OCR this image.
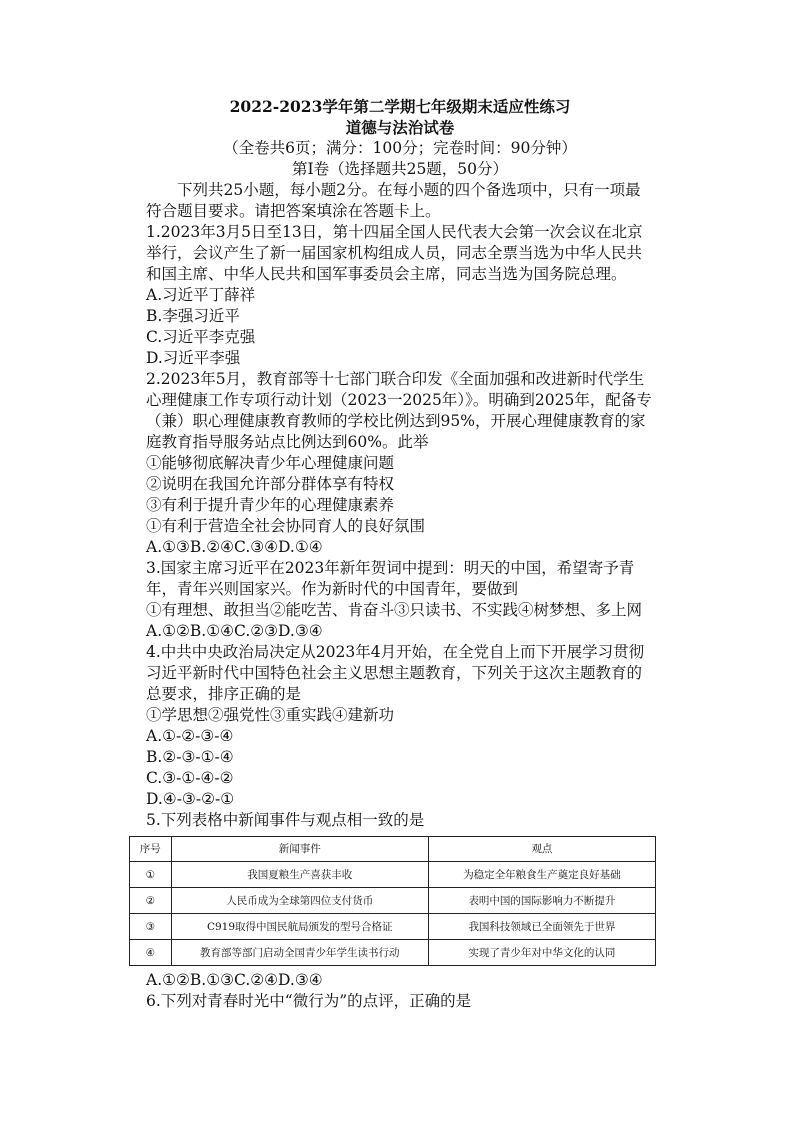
2022-2023学年第二学期七年级期末适应性练习

道德与法治试卷

（全卷共6页；满分：100分；完卷时间：90分钟）

第Ⅰ卷（选择题共25题，50分）

下列共25小题，每小题2分。在每小题的四个备选项中，只有一项最符合题目要求。请把答案填涂在答题卡上。

1.2023年3月5日至13日，第十四届全国人民代表大会第一次会议在北京举行，会议产生了新一届国家机构组成人员，同志全票当选为中华人民共和国主席、中华人民共和国军事委员会主席，同志当选为国务院总理。

A.习近平丁薛祥

B.李强习近平

C.习近平李克强

D.习近平李强

2.2023年5月，教育部等十七部门联合印发《全面加强和改进新时代学生心理健康工作专项行动计划（2023一2025年）》。明确到2025年，配备专（兼）职心理健康教育教师的学校比例达到95%，开展心理健康教育的家庭教育指导服务站点比例达到60%。此举

①能够彻底解决青少年心理健康问题

②说明在我国允许部分群体享有特权

③有利于提升青少年的心理健康素养

①有利于营造全社会协同育人的良好氛围

A.①③B.②④C.③④D.①④

3.国家主席习近平在2023年新年贺词中提到：明天的中国，希望寄予青年，青年兴则国家兴。作为新时代的中国青年，要做到

①有理想、敢担当②能吃苦、肯奋斗③只读书、不实践④树梦想、多上网

A.①②B.①④C.②③D.③④

4.中共中央政治局决定从2023年4月开始，在全党自上而下开展学习贯彻习近平新时代中国特色社会主义思想主题教育，下列关于这次主题教育的总要求，排序正确的是

①学思想②强党性③重实践④建新功

A.①-②-③-④

B.②-③-①-④

C.③-①-④-②

D.④-③-②-①

5.下列表格中新闻事件与观点相一致的是

序号	新闻事件	观点
①	我国夏粮生产喜获丰收	为稳定全年粮食生产奠定良好基础
②	人民币成为全球第四位支付货币	表明中国的国际影响力不断提升
③	C919取得中国民航局颁发的型号合格证	我国科技领域已全面领先于世界
④	教育部等部门启动全国青少年学生读书行动	实现了青少年对中华文化的认同

A.①②B.①③C.②④D.③④

6.下列对青春时光中“微行为”的点评，正确的是
